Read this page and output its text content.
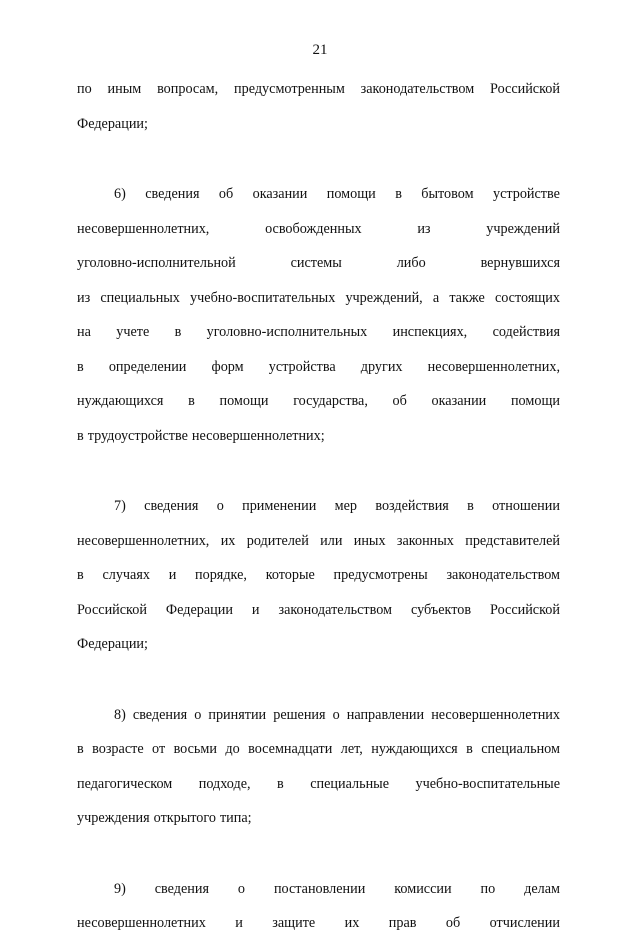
21
по иным вопросам, предусмотренным законодательством Российской
Федерации;
6) сведения об оказании помощи в бытовом устройстве
несовершеннолетних,	освобожденных	из	учреждений
уголовно-исполнительной	системы	либо	вернувшихся
из специальных учебно-воспитательных учреждений, а также состоящих
на учете в уголовно-исполнительных инспекциях, содействия
в определении форм устройства других несовершеннолетних,
нуждающихся в помощи государства, об оказании помощи
в трудоустройстве несовершеннолетних;
7) сведения о применении мер воздействия в отношении
несовершеннолетних, их родителей или иных законных представителей
в случаях и порядке, которые предусмотрены законодательством
Российской Федерации и законодательством субъектов Российской
Федерации;
8) сведения о принятии решения о направлении несовершеннолетних
в возрасте от восьми до восемнадцати лет, нуждающихся в специальном
педагогическом подходе, в специальные учебно-воспитательные
учреждения открытого типа;
9) сведения о постановлении комиссии по делам
несовершеннолетних и защите их прав об отчислении
